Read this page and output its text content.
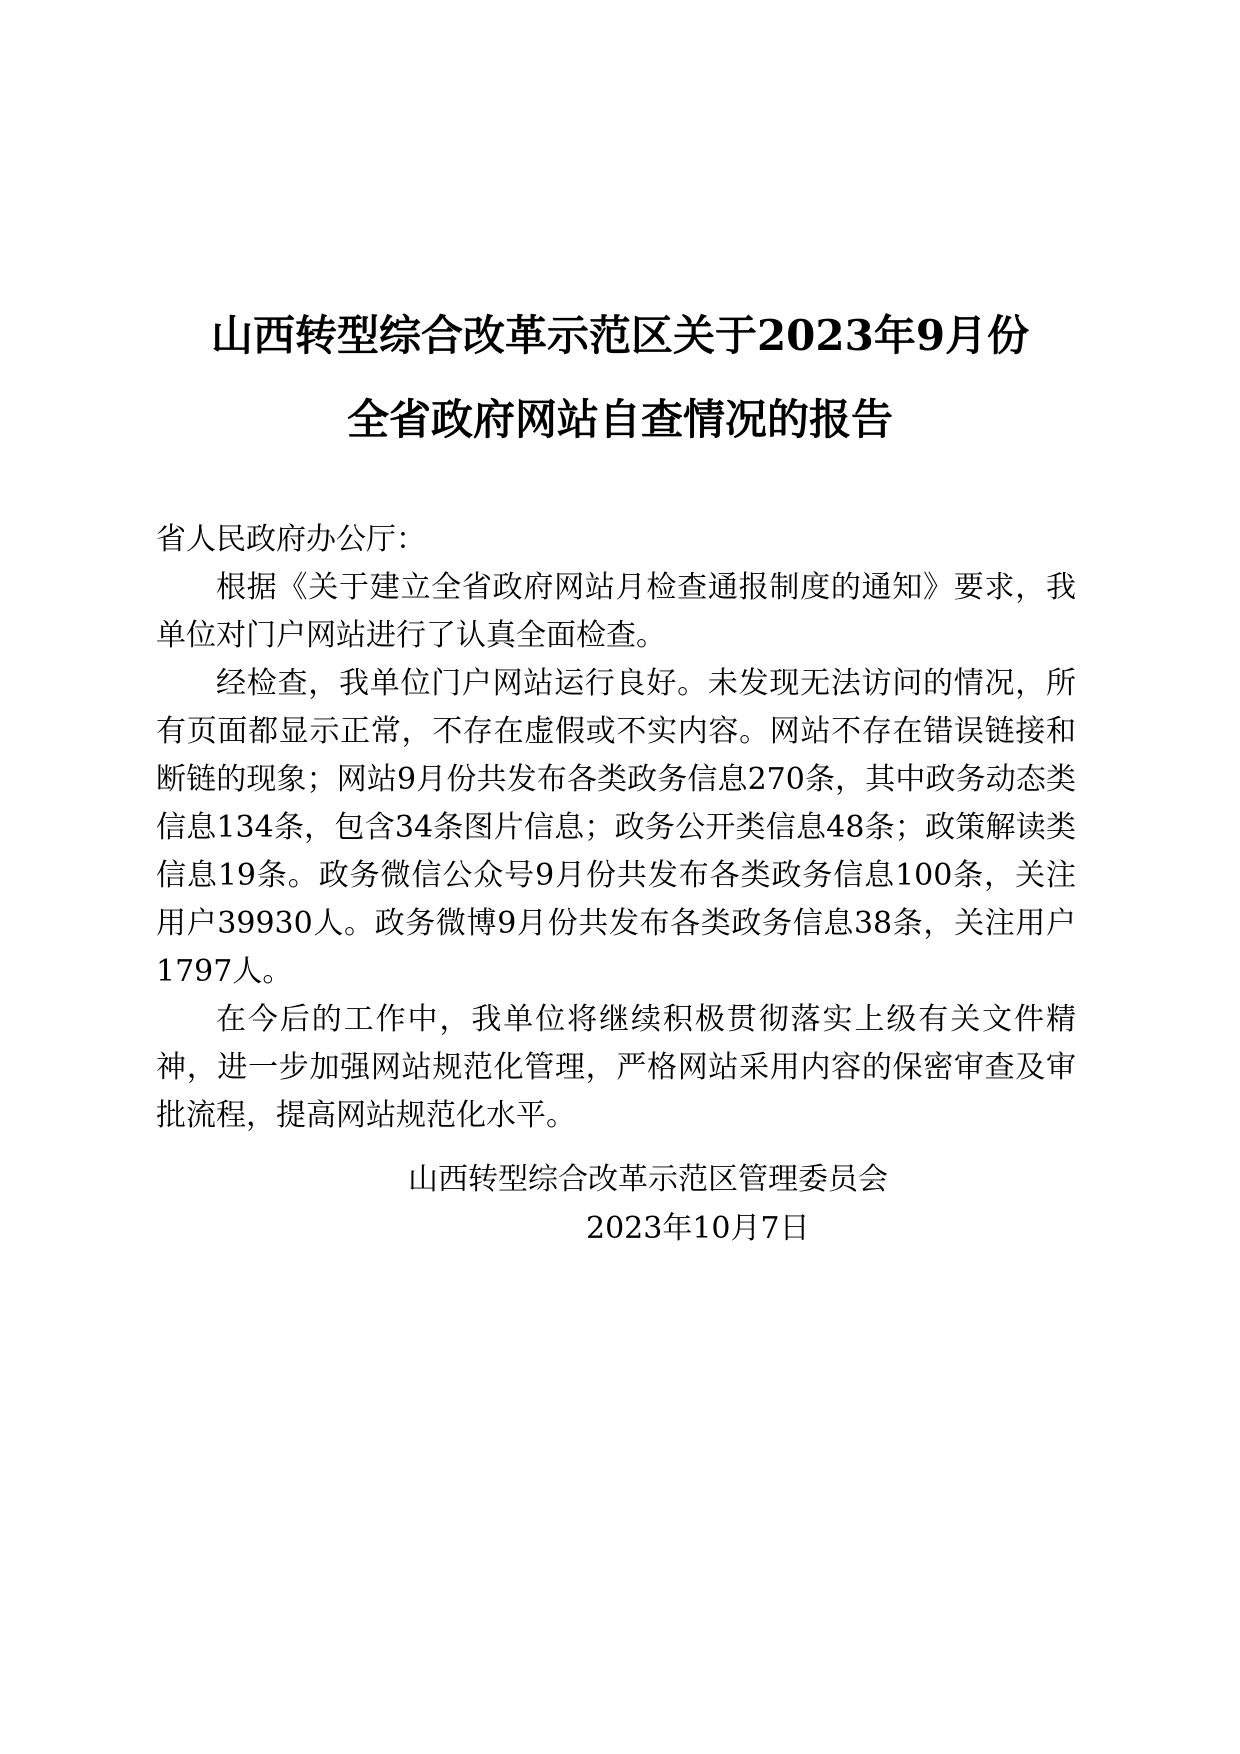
山西转型综合改革示范区关于2023年9月份
全省政府网站自查情况的报告

省人民政府办公厅：

根据《关于建立全省政府网站月检查通报制度的通知》要求，我单位对门户网站进行了认真全面检查。

经检查，我单位门户网站运行良好。未发现无法访问的情况，所有页面都显示正常，不存在虚假或不实内容。网站不存在错误链接和断链的现象；网站9月份共发布各类政务信息270条，其中政务动态类信息134条，包含34条图片信息；政务公开类信息48条；政策解读类信息19条。政务微信公众号9月份共发布各类政务信息100条，关注用户39930人。政务微博9月份共发布各类政务信息38条，关注用户1797人。

在今后的工作中，我单位将继续积极贯彻落实上级有关文件精神，进一步加强网站规范化管理，严格网站采用内容的保密审查及审批流程，提高网站规范化水平。

山西转型综合改革示范区管理委员会
2023年10月7日
